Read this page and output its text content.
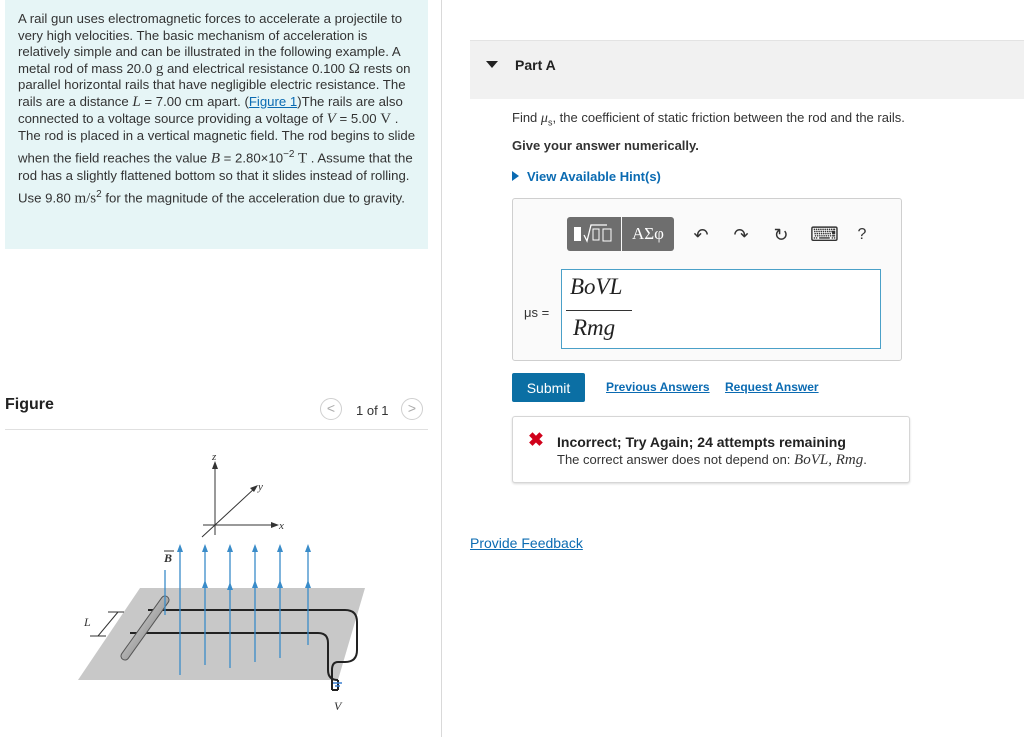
A rail gun uses electromagnetic forces to accelerate a projectile to very high velocities. The basic mechanism of acceleration is relatively simple and can be illustrated in the following example. A metal rod of mass 20.0 g and electrical resistance 0.100 Ω rests on parallel horizontal rails that have negligible electric resistance. The rails are a distance L = 7.00 cm apart. (Figure 1)The rails are also connected to a voltage source providing a voltage of V = 5.00 V .

The rod is placed in a vertical magnetic field. The rod begins to slide when the field reaches the value $B = 2.80\times 10^{-2}$ T . Assume that the rod has a slightly flattened bottom so that it slides instead of rolling. Use 9.80 $m/s^2$ for the magnitude of the acceleration due to gravity.

Figure	<	1 of 1	>
z
y
x
V
L
B
Part A
Find $\mu_s$, the coefficient of static friction between the rod and the rails.
Give your answer numerically.
View Available Hint(s)
ΑΣφ	↶ ↷ ↻ ⌨	?
μs =
BoVL
Rmg
Submit	Previous Answers Request Answer
✖ Incorrect; Try Again; 24 attempts remaining
The correct answer does not depend on: BoVL, Rmg.
Provide Feedback
